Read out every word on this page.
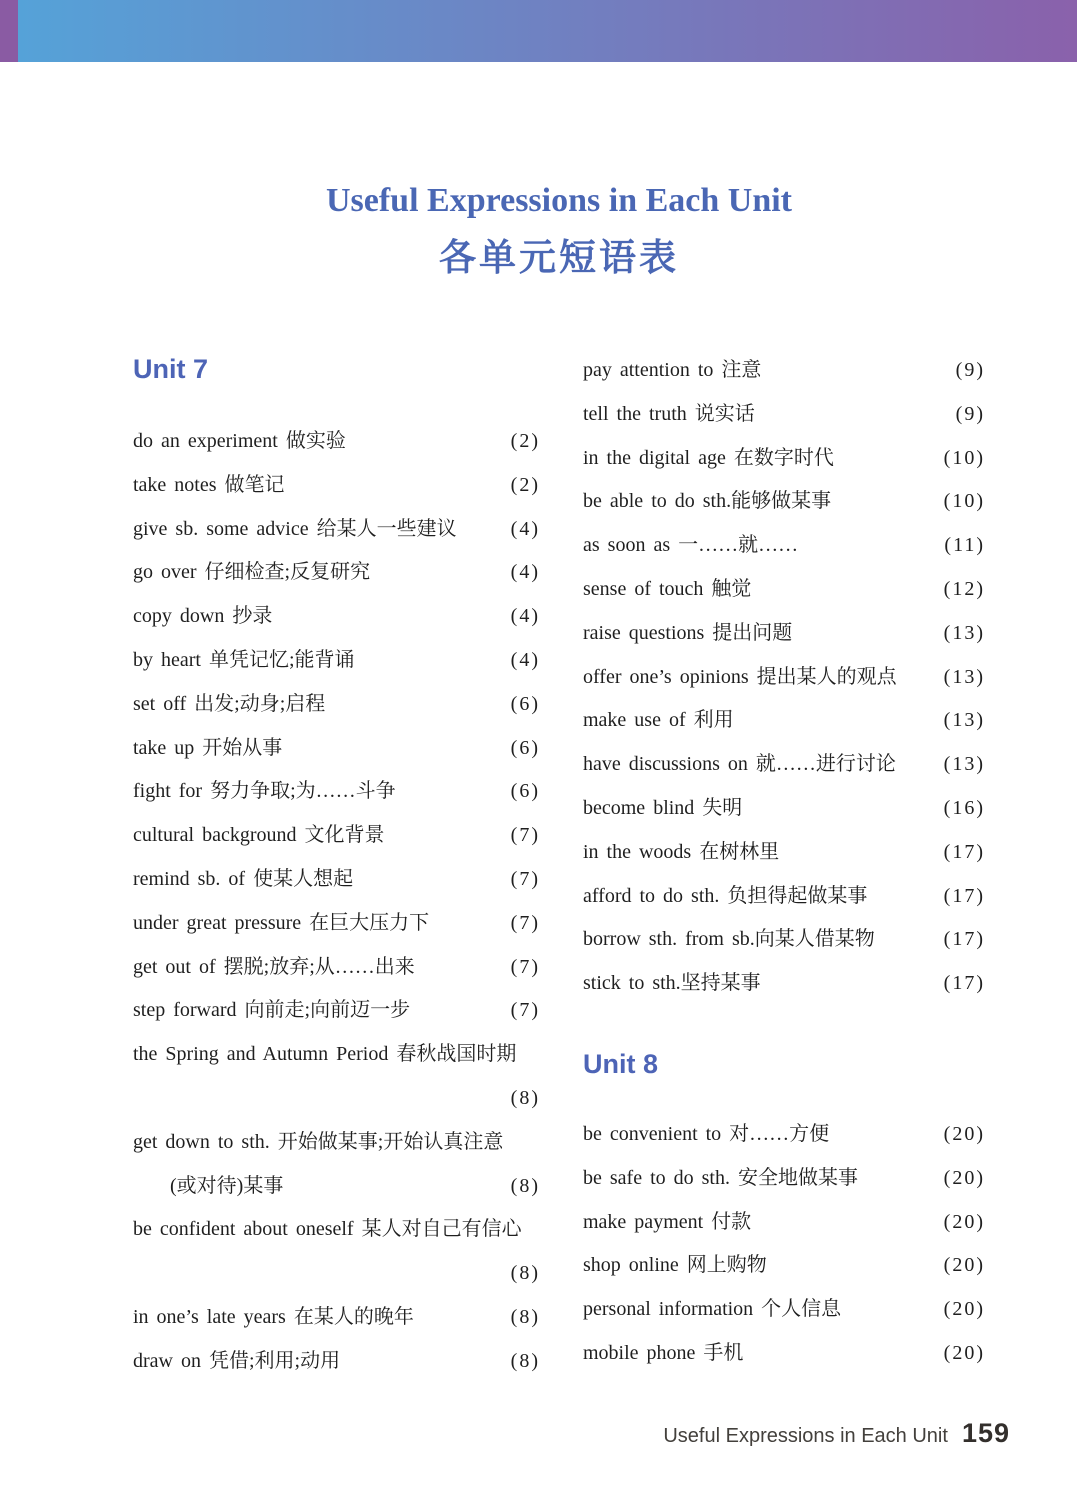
Useful Expressions in Each Unit
各单元短语表
Unit 7
do an experiment 做实验	(2)
take notes 做笔记	(2)
give sb. some advice 给某人一些建议	(4)
go over 仔细检查;反复研究	(4)
copy down 抄录	(4)
by heart 单凭记忆;能背诵	(4)
set off 出发;动身;启程	(6)
take up 开始从事	(6)
fight for 努力争取;为……斗争	(6)
cultural background 文化背景	(7)
remind sb. of 使某人想起	(7)
under great pressure 在巨大压力下	(7)
get out of 摆脱;放弃;从……出来	(7)
step forward 向前走;向前迈一步	(7)
the Spring and Autumn Period 春秋战国时期
(8)
get down to sth. 开始做某事;开始认真注意
(或对待)某事	(8)
be confident about oneself 某人对自己有信心
(8)
in one’s late years 在某人的晚年	(8)
draw on 凭借;利用;动用	(8)
pay attention to 注意	(9)
tell the truth 说实话	(9)
in the digital age 在数字时代	(10)
be able to do sth.能够做某事	(10)
as soon as 一……就……	(11)
sense of touch 触觉	(12)
raise questions 提出问题	(13)
offer one’s opinions 提出某人的观点 (13)
make use of 利用	(13)
have discussions on 就……进行讨论 (13)
become blind 失明	(16)
in the woods 在树林里	(17)
afford to do sth. 负担得起做某事	(17)
borrow sth. from sb.向某人借某物	(17)
stick to sth.坚持某事	(17)
Unit 8
be convenient to 对……方便	(20)
be safe to do sth. 安全地做某事	(20)
make payment 付款	(20)
shop online 网上购物	(20)
personal information 个人信息	(20)
mobile phone 手机	(20)
Useful Expressions in Each Unit 159
